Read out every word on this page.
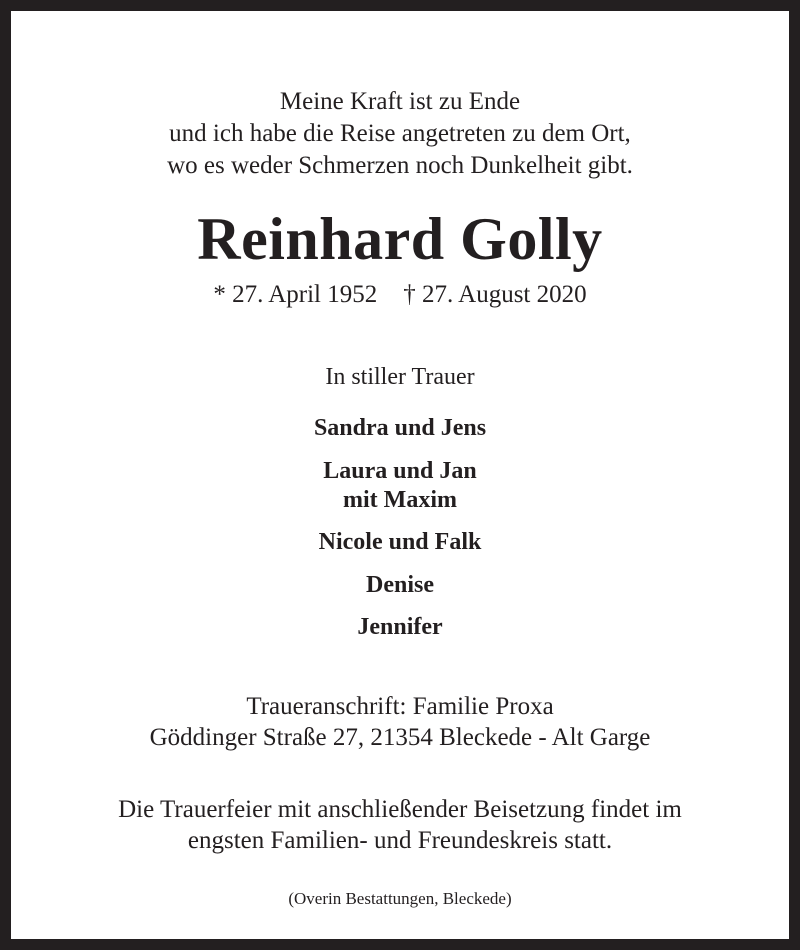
Meine Kraft ist zu Ende
und ich habe die Reise angetreten zu dem Ort,
wo es weder Schmerzen noch Dunkelheit gibt.
Reinhard Golly
* 27. April 1952 † 27. August 2020
In stiller Trauer
Sandra und Jens
Laura und Jan
mit Maxim
Nicole und Falk
Denise
Jennifer
Traueranschrift: Familie Proxa
Göddinger Straße 27, 21354 Bleckede - Alt Garge
Die Trauerfeier mit anschließender Beisetzung findet im
engsten Familien- und Freundeskreis statt.
(Overin Bestattungen, Bleckede)
